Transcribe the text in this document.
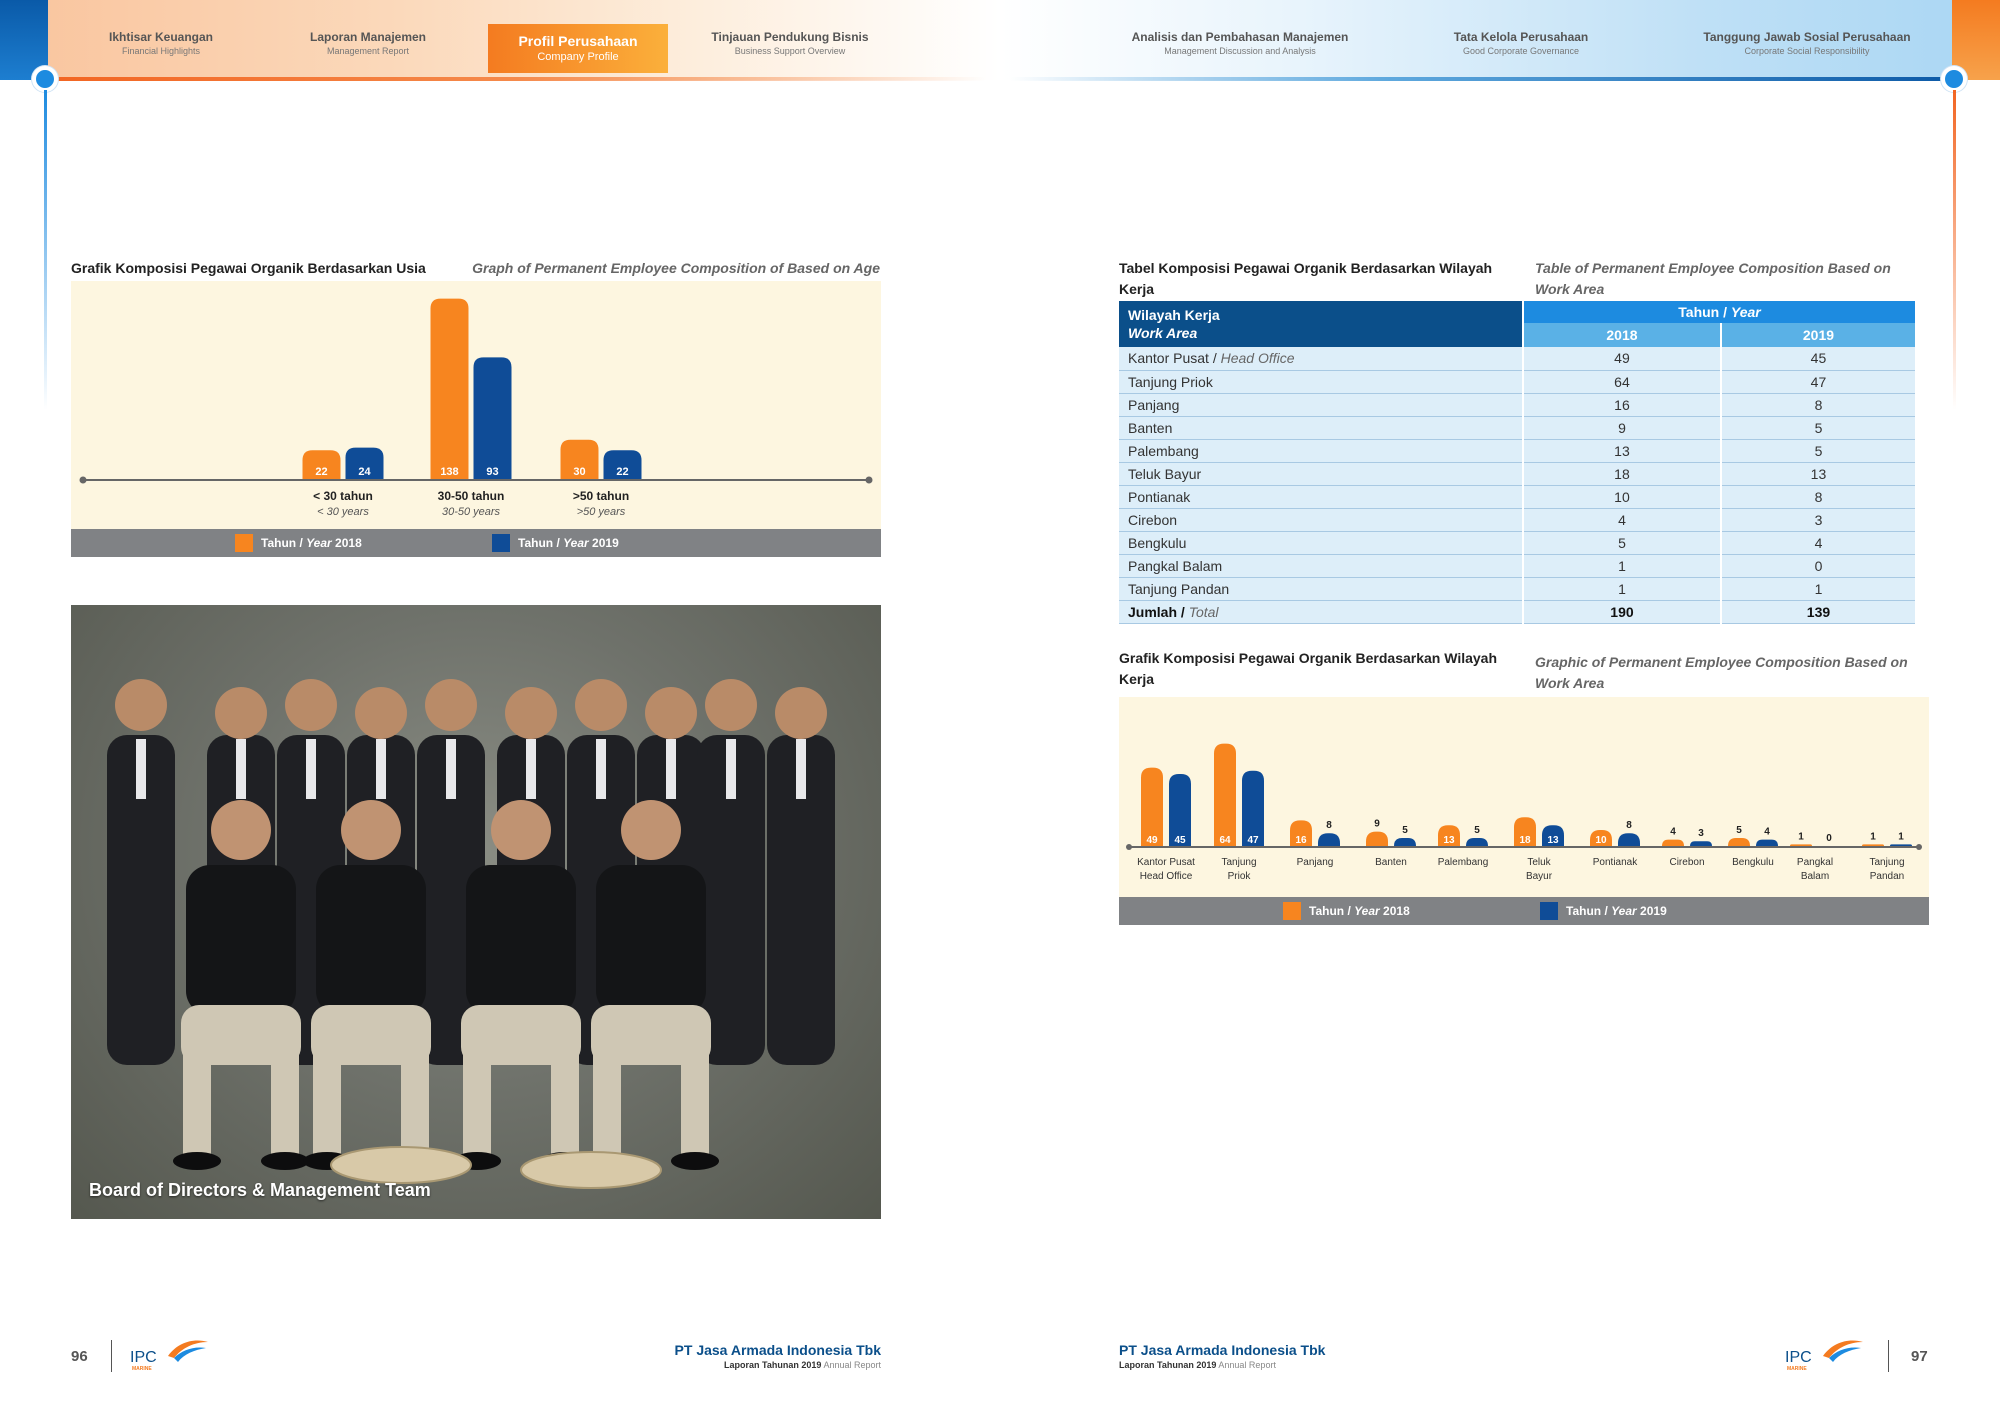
Ikhtisar Keuangan
Financial Highlights
Laporan Manajemen
Management Report
Profil Perusahaan
Company Profile
Tinjauan Pendukung Bisnis
Business Support Overview
Analisis dan Pembahasan Manajemen
Management Discussion and Analysis
Tata Kelola Perusahaan
Good Corporate Governance
Tanggung Jawab Sosial Perusahaan
Corporate Social Responsibility
Grafik Komposisi Pegawai Organik Berdasarkan Usia	Graph of Permanent Employee Composition of Based on Age
22	24
< 30 tahun
< 30 years
138	93
30-50 tahun
30-50 years
30	22
>50 tahun
>50 years
Tahun /
Year
2018	Tahun /
Year
2019
Board of Directors & Management Team
Tabel Komposisi Pegawai Organik Berdasarkan Wilayah Kerja
Table of Permanent Employee Composition Based on Work Area
Wilayah Kerja
Work Area	Tahun / Year	
	2018	2019
Kantor Pusat / Head Office	49	45
Tanjung Priok	64	47
Panjang	16	8
Banten	9	5
Palembang	13	5
Teluk Bayur	18	13
Pontianak	10	8
Cirebon	4	3
Bengkulu	5	4
Pangkal Balam	1	0
Tanjung Pandan	1	1
Jumlah / Total	190	139
Grafik Komposisi Pegawai Organik Berdasarkan Wilayah Kerja
Graphic of Permanent Employee Composition Based on Work Area
49 45
Kantor Pusat
Head Office
64 47
Tanjung
Priok
16
8
Panjang
9
5
Banten
13
5
Palembang
18 13
Teluk
Bayur
10
8
Pontianak
4 3
Cirebon
5 4
Bengkulu
1 0
Pangkal
Balam
1 1
Tanjung
Pandan
Tahun /
Year
2018	Tahun /
Year
2019
96	IPC
MARINE
PT Jasa Armada Indonesia Tbk
Laporan Tahunan 2019 Annual Report
PT Jasa Armada Indonesia Tbk
Laporan Tahunan 2019 Annual Report	IPC
MARINE
97
